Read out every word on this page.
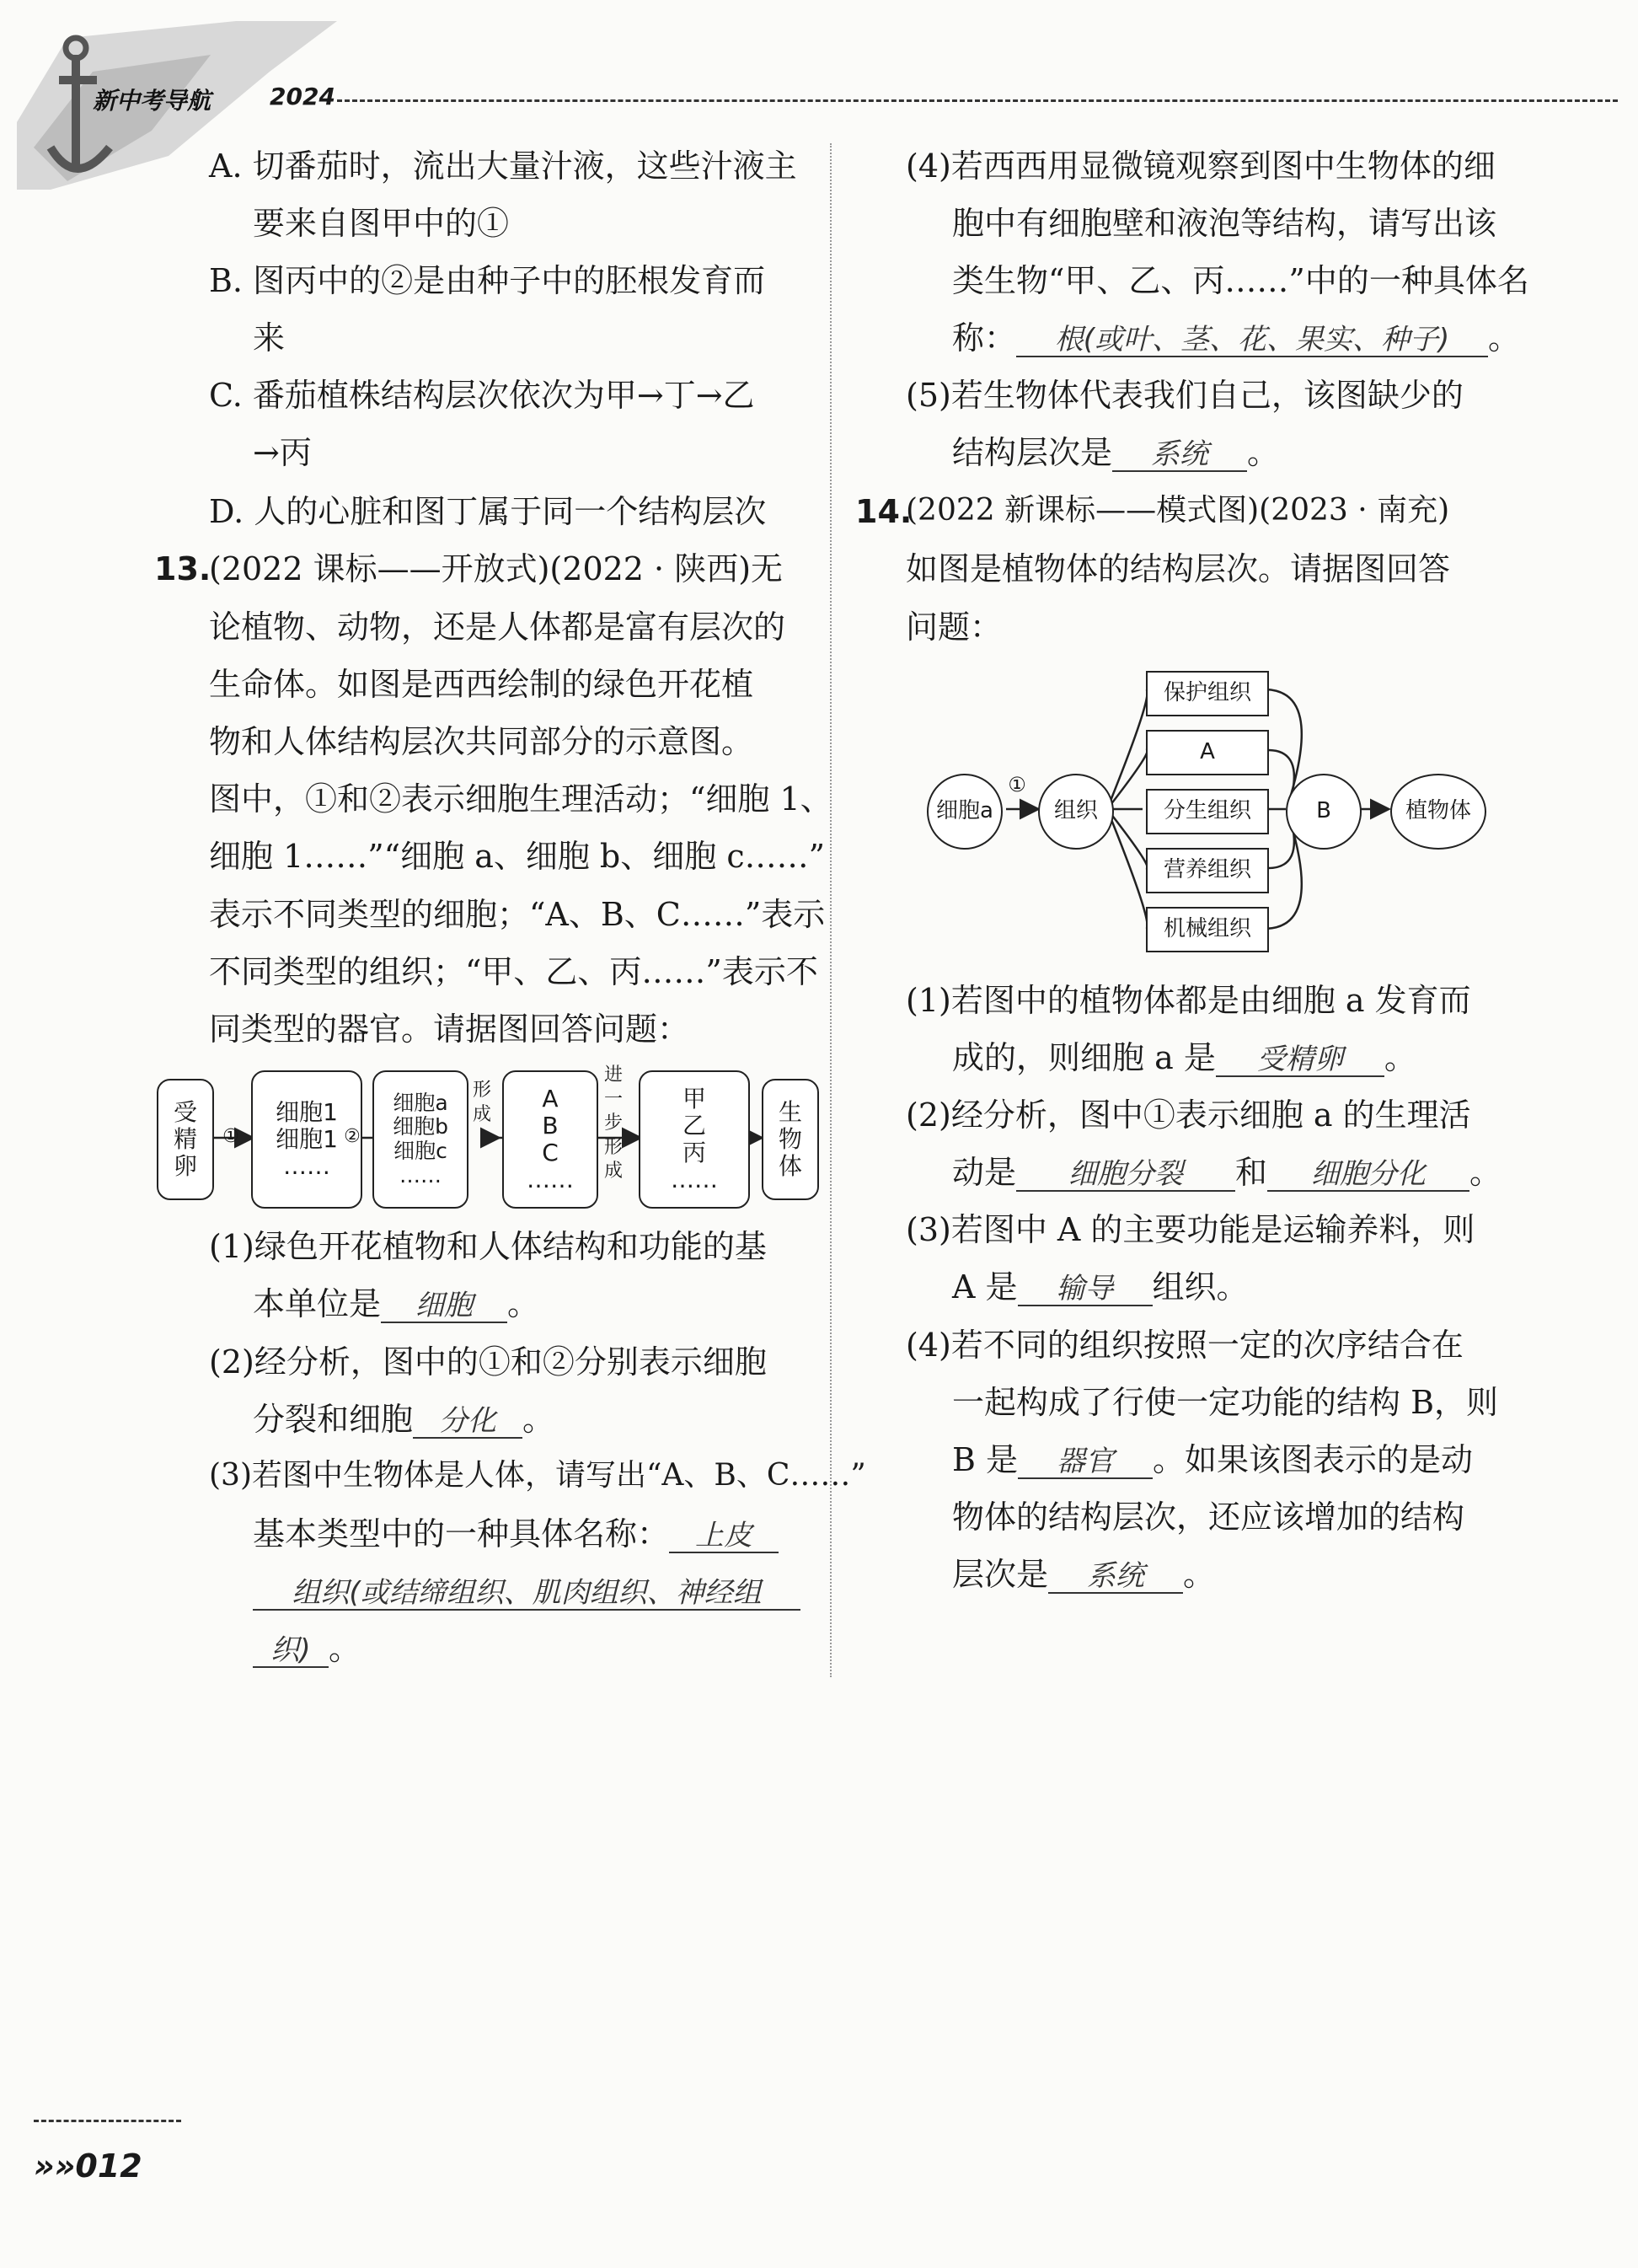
新中考导航 2024
A. 切番茄时，流出大量汁液，这些汁液主
要来自图甲中的①
B. 图丙中的②是由种子中的胚根发育而
来
C. 番茄植株结构层次依次为甲→丁→乙
→丙
D. 人的心脏和图丁属于同一个结构层次
13.
(2022 课标——开放式)(2022 · 陕西)无
论植物、动物，还是人体都是富有层次的
生命体。如图是西西绘制的绿色开花植
物和人体结构层次共同部分的示意图。
图中，①和②表示细胞生理活动；“细胞 1、
细胞 1……”“细胞 a、细胞 b、细胞 c……”
表示不同类型的细胞；“A、B、C……”表示
不同类型的组织；“甲、乙、丙……”表示不
同类型的器官。请据图回答问题：
受
精
卵
①
细胞1
细胞1
……
②
细胞a
细胞b
细胞c
……
形
成
A
B
C
……
进
一
步
形
成
甲
乙
丙
……
生
物
体
(1)绿色开花植物和人体结构和功能的基
本单位是 细胞 。
(2)经分析，图中的①和②分别表示细胞
分裂和细胞 分化 。
(3)若图中生物体是人体，请写出“A、B、C……”
基本类型中的一种具体名称： 上皮
组织(或结缔组织、肌肉组织、神经组
织) 。
(4)若西西用显微镜观察到图中生物体的细
胞中有细胞壁和液泡等结构，请写出该
类生物“甲、乙、丙……”中的一种具体名
称： 根(或叶、茎、花、果实、种子) 。
(5)若生物体代表我们自己，该图缺少的
结构层次是 系统 。
14.
(2022 新课标——模式图)(2023 · 南充)
如图是植物体的结构层次。请据图回答
问题：
细胞a
①
组织
保护组织
A
分生组织
营养组织
机械组织
B	植物体
(1)若图中的植物体都是由细胞 a 发育而
成的，则细胞 a 是 受精卵 。
(2)经分析，图中①表示细胞 a 的生理活
动是 细胞分裂 和 细胞分化 。
(3)若图中 A 的主要功能是运输养料，则
A 是 输导 组织。
(4)若不同的组织按照一定的次序结合在
一起构成了行使一定功能的结构 B，则
B 是 器官 。如果该图表示的是动
物体的结构层次，还应该增加的结构
层次是 系统 。
»»012
